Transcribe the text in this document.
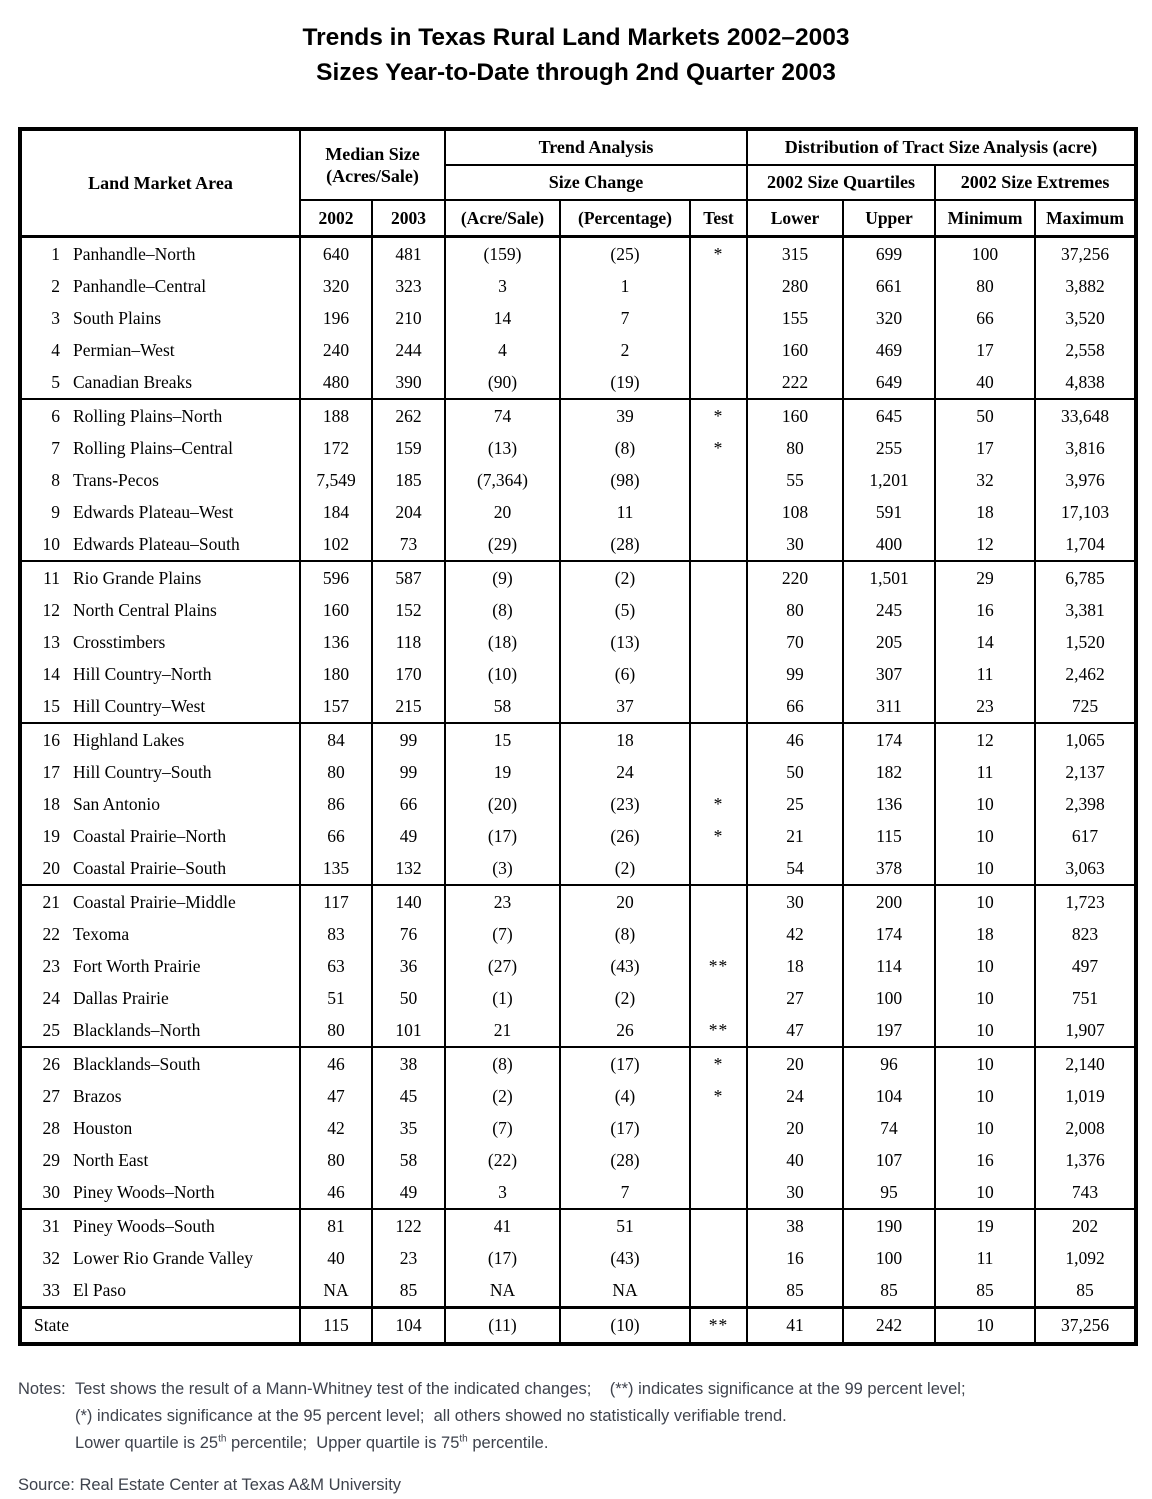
Trends in Texas Rural Land Markets 2002–2003
Sizes Year-to-Date through 2nd Quarter 2003
Land Market Area	Median Size
(Acres/Sale)		Trend Analysis			Distribution of Tract Size Analysis (acre)			
			Size Change			2002 Size Quartiles		2002 Size Extremes	
	2002	2003	(Acre/Sale)	(Percentage)	Test	Lower	Upper	Minimum	Maximum
1 Panhandle–North	640	481	(159)	(25)	*	315	699	100	37,256
2 Panhandle–Central	320	323	3	1		280	661	80	3,882
3 South Plains	196	210	14	7		155	320	66	3,520
4 Permian–West	240	244	4	2		160	469	17	2,558
5 Canadian Breaks	480	390	(90)	(19)		222	649	40	4,838
6 Rolling Plains–North	188	262	74	39	*	160	645	50	33,648
7 Rolling Plains–Central	172	159	(13)	(8)	*	80	255	17	3,816
8 Trans-Pecos	7,549	185	(7,364)	(98)		55	1,201	32	3,976
9 Edwards Plateau–West	184	204	20	11		108	591	18	17,103
10 Edwards Plateau–South	102	73	(29)	(28)		30	400	12	1,704
11 Rio Grande Plains	596	587	(9)	(2)		220	1,501	29	6,785
12 North Central Plains	160	152	(8)	(5)		80	245	16	3,381
13 Crosstimbers	136	118	(18)	(13)		70	205	14	1,520
14 Hill Country–North	180	170	(10)	(6)		99	307	11	2,462
15 Hill Country–West	157	215	58	37		66	311	23	725
16 Highland Lakes	84	99	15	18		46	174	12	1,065
17 Hill Country–South	80	99	19	24		50	182	11	2,137
18 San Antonio	86	66	(20)	(23)	*	25	136	10	2,398
19 Coastal Prairie–North	66	49	(17)	(26)	*	21	115	10	617
20 Coastal Prairie–South	135	132	(3)	(2)		54	378	10	3,063
21 Coastal Prairie–Middle	117	140	23	20		30	200	10	1,723
22 Texoma	83	76	(7)	(8)		42	174	18	823
23 Fort Worth Prairie	63	36	(27)	(43)	**	18	114	10	497
24 Dallas Prairie	51	50	(1)	(2)		27	100	10	751
25 Blacklands–North	80	101	21	26	**	47	197	10	1,907
26 Blacklands–South	46	38	(8)	(17)	*	20	96	10	2,140
27 Brazos	47	45	(2)	(4)	*	24	104	10	1,019
28 Houston	42	35	(7)	(17)		20	74	10	2,008
29 North East	80	58	(22)	(28)		40	107	16	1,376
30 Piney Woods–North	46	49	3	7		30	95	10	743
31 Piney Woods–South	81	122	41	51		38	190	19	202
32 Lower Rio Grande Valley	40	23	(17)	(43)		16	100	11	1,092
33 El Paso	NA	85	NA	NA		85	85	85	85
State	115	104	(11)	(10)	**	41	242	10	37,256
Notes: Test shows the result of a Mann-Whitney test of the indicated changes;    (**) indicates significance at the 99 percent level;
(*) indicates significance at the 95 percent level;  all others showed no statistically verifiable trend.
Lower quartile is 25th percentile;  Upper quartile is 75th percentile.
Source: Real Estate Center at Texas A&M University
